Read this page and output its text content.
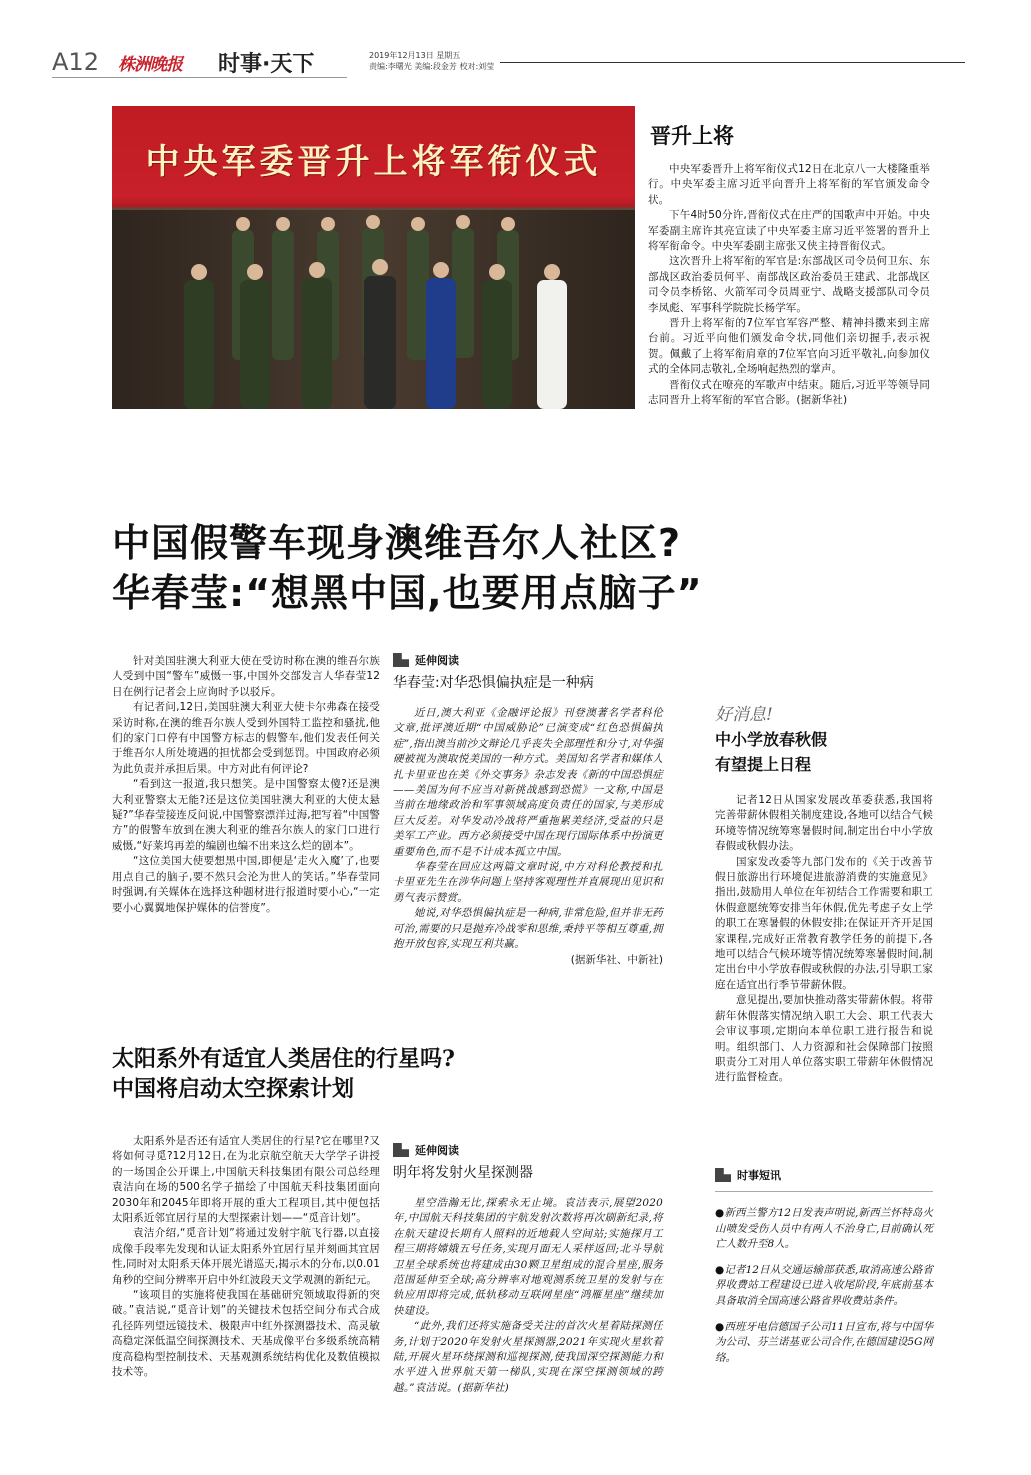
A12 株洲晚报 时事·天下	2019年12月13日 星期五
责编:李曙光 美编:段金芳 校对:刘莹
中央军委晋升上将军衔仪式
晋升上将

中央军委晋升上将军衔仪式12日在北京八一大楼隆重举行。中央军委主席习近平向晋升上将军衔的军官颁发命令状。

下午4时50分许,晋衔仪式在庄严的国歌声中开始。中央军委副主席许其亮宣读了中央军委主席习近平签署的晋升上将军衔命令。中央军委副主席张又侠主持晋衔仪式。

这次晋升上将军衔的军官是:东部战区司令员何卫东、东部战区政治委员何平、南部战区政治委员王建武、北部战区司令员李桥铭、火箭军司令员周亚宁、战略支援部队司令员李凤彪、军事科学院院长杨学军。

晋升上将军衔的7位军官军容严整、精神抖擞来到主席台前。习近平向他们颁发命令状,同他们亲切握手,表示祝贺。佩戴了上将军衔肩章的7位军官向习近平敬礼,向参加仪式的全体同志敬礼,全场响起热烈的掌声。

晋衔仪式在嘹亮的军歌声中结束。随后,习近平等领导同志同晋升上将军衔的军官合影。(据新华社)

中国假警车现身澳维吾尔人社区?
华春莹:“想黑中国,也要用点脑子”

针对美国驻澳大利亚大使在受访时称在澳的维吾尔族人受到中国“警车”威慑一事,中国外交部发言人华春莹12日在例行记者会上应询时予以驳斥。

有记者问,12日,美国驻澳大利亚大使卡尔弗森在接受采访时称,在澳的维吾尔族人受到外国特工监控和骚扰,他们的家门口停有中国警方标志的假警车,他们发表任何关于维吾尔人所处境遇的担忧都会受到惩罚。中国政府必须为此负责并承担后果。中方对此有何评论?

“看到这一报道,我只想笑。是中国警察太傻?还是澳大利亚警察太无能?还是这位美国驻澳大利亚的大使太悬疑?”华春莹接连反问说,中国警察漂洋过海,把写着“中国警方”的假警车放到在澳大利亚的维吾尔族人的家门口进行威慑,“好莱坞再差的编剧也编不出来这么烂的剧本”。

“这位美国大使要想黑中国,即便是‘走火入魔’了,也要用点自己的脑子,要不然只会沦为世人的笑话。”华春莹同时强调,有关媒体在选择这种题材进行报道时要小心,“一定要小心翼翼地保护媒体的信誉度”。

延伸阅读
华春莹:对华恐惧偏执症是一种病

近日,澳大利亚《金融评论报》刊登澳著名学者科伦文章,批评澳近期“中国威胁论”已演变成“红色恐惧偏执症”,指出澳当前沙文辩论几乎丧失全部理性和分寸,对华强硬被视为澳取悦美国的一种方式。美国知名学者和媒体人扎卡里亚也在美《外交事务》杂志发表《新的中国恐惧症——美国为何不应当对新挑战感到恐慌》一文称,中国是当前在地缘政治和军事领域高度负责任的国家,与美形成巨大反差。对华发动冷战将严重拖累美经济,受益的只是美军工产业。西方必须接受中国在现行国际体系中扮演更重要角色,而不是不计成本孤立中国。

华春莹在回应这两篇文章时说,中方对科伦教授和扎卡里亚先生在涉华问题上坚持客观理性并直展现出见识和勇气表示赞赏。

她说,对华恐惧偏执症是一种病,非常危险,但并非无药可治,需要的只是抛弃冷战零和思维,秉持平等相互尊重,拥抱开放包容,实现互利共赢。

(据新华社、中新社)
好消息!
中小学放春秋假
有望提上日程

记者12日从国家发展改革委获悉,我国将完善带薪休假相关制度建设,各地可以结合气候环境等情况统筹寒暑假时间,制定出台中小学放春假或秋假办法。

国家发改委等九部门发布的《关于改善节假日旅游出行环境促进旅游消费的实施意见》指出,鼓励用人单位在年初结合工作需要和职工休假意愿统筹安排当年休假,优先考虑子女上学的职工在寒暑假的休假安排;在保证开齐开足国家课程,完成好正常教育教学任务的前提下,各地可以结合气候环境等情况统筹寒暑假时间,制定出台中小学放春假或秋假的办法,引导职工家庭在适宜出行季节带薪休假。

意见提出,要加快推动落实带薪休假。将带薪年休假落实情况纳入职工大会、职工代表大会审议事项,定期向本单位职工进行报告和说明。组织部门、人力资源和社会保障部门按照职责分工对用人单位落实职工带薪年休假情况进行监督检查。

太阳系外有适宜人类居住的行星吗?
中国将启动太空探索计划

太阳系外是否还有适宜人类居住的行星?它在哪里?又将如何寻觅?12月12日,在为北京航空航天大学学子讲授的一场国企公开课上,中国航天科技集团有限公司总经理袁洁向在场的500名学子描绘了中国航天科技集团面向2030年和2045年即将开展的重大工程项目,其中便包括太阳系近邻宜居行星的大型探索计划——“觅音计划”。

袁洁介绍,“觅音计划”将通过发射宇航飞行器,以直接成像手段率先发现和认证太阳系外宜居行星并刻画其宜居性,同时对太阳系天体开展光谱巡天,揭示木的分布,以0.01角秒的空间分辨率开启中外红波段天文学观测的新纪元。

“该项目的实施将使我国在基础研究领域取得新的突破。”袁洁说,“觅音计划”的关键技术包括空间分布式合成孔径阵列望远镜技术、极限声中红外探测器技术、高灵敏高稳定深低温空间探测技术、天基成像平台多级系统高精度高稳构型控制技术、天基观测系统结构优化及数值模拟技术等。

延伸阅读
明年将发射火星探测器

星空浩瀚无比,探索永无止境。袁洁表示,展望2020年,中国航天科技集团的宇航发射次数将再次刷新纪录,将在航天建设长期有人照料的近地载人空间站;实施探月工程三期将嫦娥五号任务,实现月面无人采样返回;北斗导航卫星全球系统也将建成由30颗卫星组成的混合星座,服务范围延伸至全球;高分辨率对地观测系统卫星的发射与在轨应用即将完成,低轨移动互联网星座“鸿雁星座”继续加快建设。

“此外,我们还将实施备受关注的首次火星着陆探测任务,计划于2020年发射火星探测器,2021年实现火星软着陆,开展火星环绕探测和巡视探测,使我国深空探测能力和水平进入世界航天第一梯队,实现在深空探测领域的跨越。”袁洁说。(据新华社)

时事短讯

●新西兰警方12日发表声明说,新西兰怀特岛火山喷发受伤人员中有两人不治身亡,目前确认死亡人数升至8人。

●记者12日从交通运输部获悉,取消高速公路省界收费站工程建设已进入收尾阶段,年底前基本具备取消全国高速公路省界收费站条件。

●西班牙电信德国子公司11日宣布,将与中国华为公司、芬兰诺基亚公司合作,在德国建设5G网络。
